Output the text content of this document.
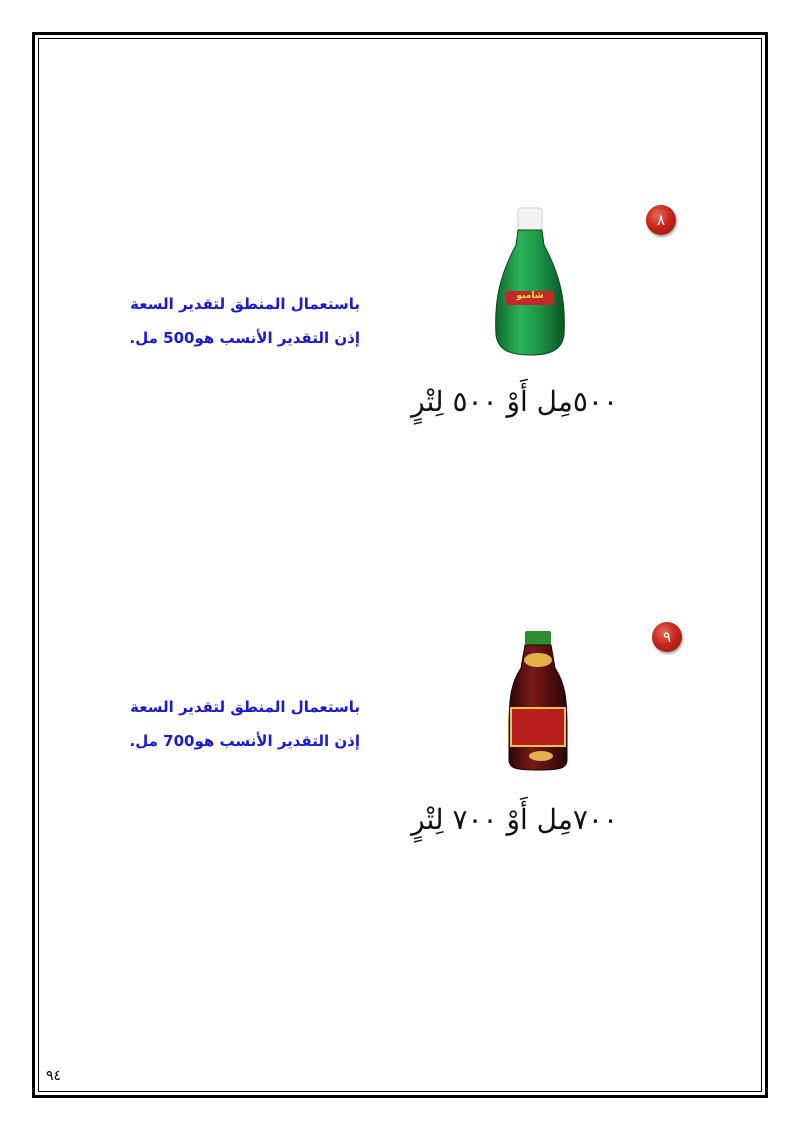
٨
شامبو
٥٠٠مِل أَوْ ٥٠٠ لِتْرٍ
باستعمال المنطق لتقدير السعة
إذن التقدير الأنسب هو500 مل.
٩
٧٠٠مِل أَوْ ٧٠٠ لِتْرٍ
باستعمال المنطق لتقدير السعة
إذن التقدير الأنسب هو700 مل.
٩٤
